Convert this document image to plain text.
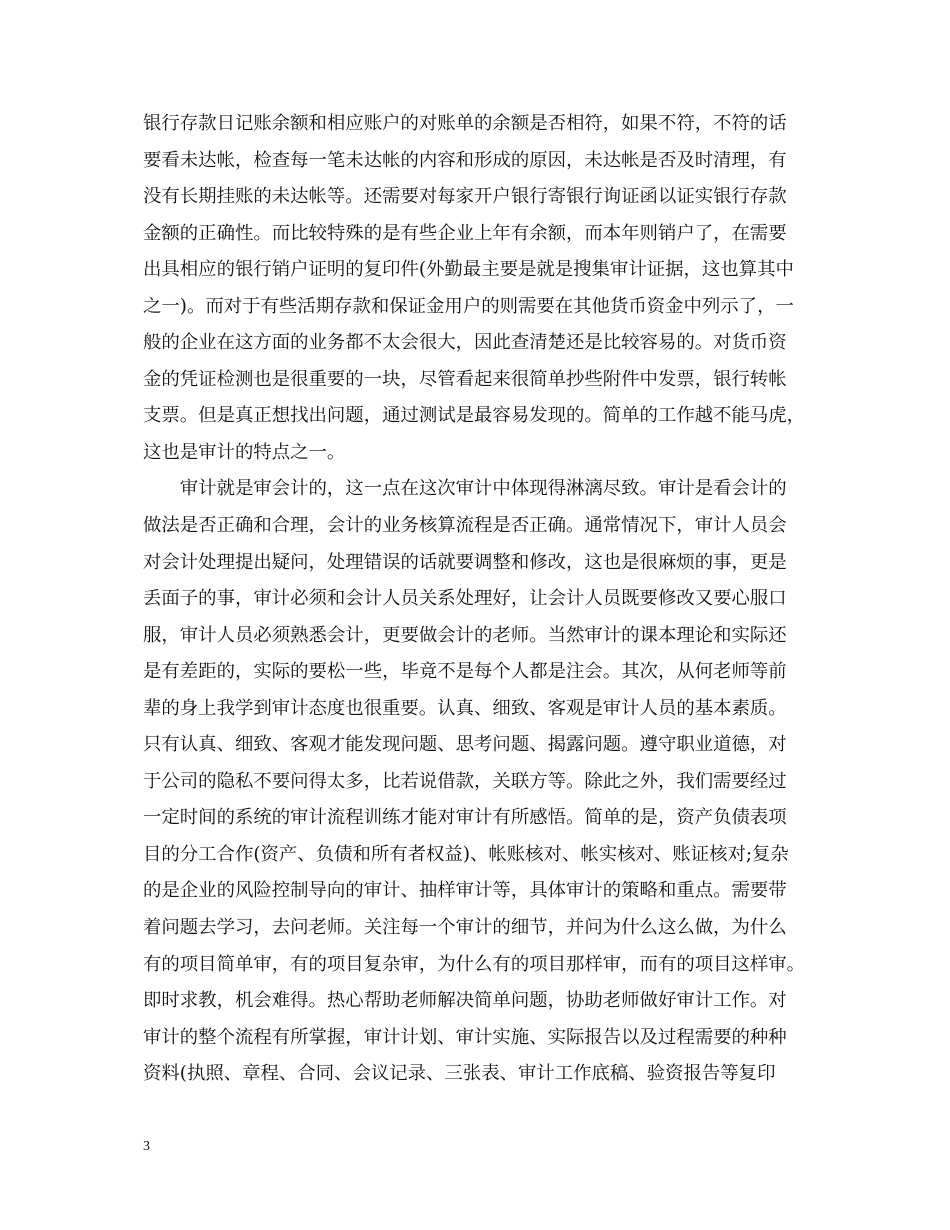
银行存款日记账余额和相应账户的对账单的余额是否相符，如果不符，不符的话
要看未达帐，检查每一笔未达帐的内容和形成的原因，未达帐是否及时清理，有
没有长期挂账的未达帐等。还需要对每家开户银行寄银行询证函以证实银行存款
金额的正确性。而比较特殊的是有些企业上年有余额，而本年则销户了，在需要
出具相应的银行销户证明的复印件(外勤最主要是就是搜集审计证据，这也算其中
之一)。而对于有些活期存款和保证金用户的则需要在其他货币资金中列示了，一
般的企业在这方面的业务都不太会很大，因此查清楚还是比较容易的。对货币资
金的凭证检测也是很重要的一块，尽管看起来很简单抄些附件中发票，银行转帐
支票。但是真正想找出问题，通过测试是最容易发现的。简单的工作越不能马虎，
这也是审计的特点之一。
　　审计就是审会计的，这一点在这次审计中体现得淋漓尽致。审计是看会计的
做法是否正确和合理，会计的业务核算流程是否正确。通常情况下，审计人员会
对会计处理提出疑问，处理错误的话就要调整和修改，这也是很麻烦的事，更是
丢面子的事，审计必须和会计人员关系处理好，让会计人员既要修改又要心服口
服，审计人员必须熟悉会计，更要做会计的老师。当然审计的课本理论和实际还
是有差距的，实际的要松一些，毕竟不是每个人都是注会。其次，从何老师等前
辈的身上我学到审计态度也很重要。认真、细致、客观是审计人员的基本素质。
只有认真、细致、客观才能发现问题、思考问题、揭露问题。遵守职业道德，对
于公司的隐私不要问得太多，比若说借款，关联方等。除此之外，我们需要经过
一定时间的系统的审计流程训练才能对审计有所感悟。简单的是，资产负债表项
目的分工合作(资产、负债和所有者权益)、帐账核对、帐实核对、账证核对;复杂
的是企业的风险控制导向的审计、抽样审计等，具体审计的策略和重点。需要带
着问题去学习，去问老师。关注每一个审计的细节，并问为什么这么做，为什么
有的项目简单审，有的项目复杂审，为什么有的项目那样审，而有的项目这样审。
即时求教，机会难得。热心帮助老师解决简单问题，协助老师做好审计工作。对
审计的整个流程有所掌握，审计计划、审计实施、实际报告以及过程需要的种种
资料(执照、章程、合同、会议记录、三张表、审计工作底稿、验资报告等复印
3
